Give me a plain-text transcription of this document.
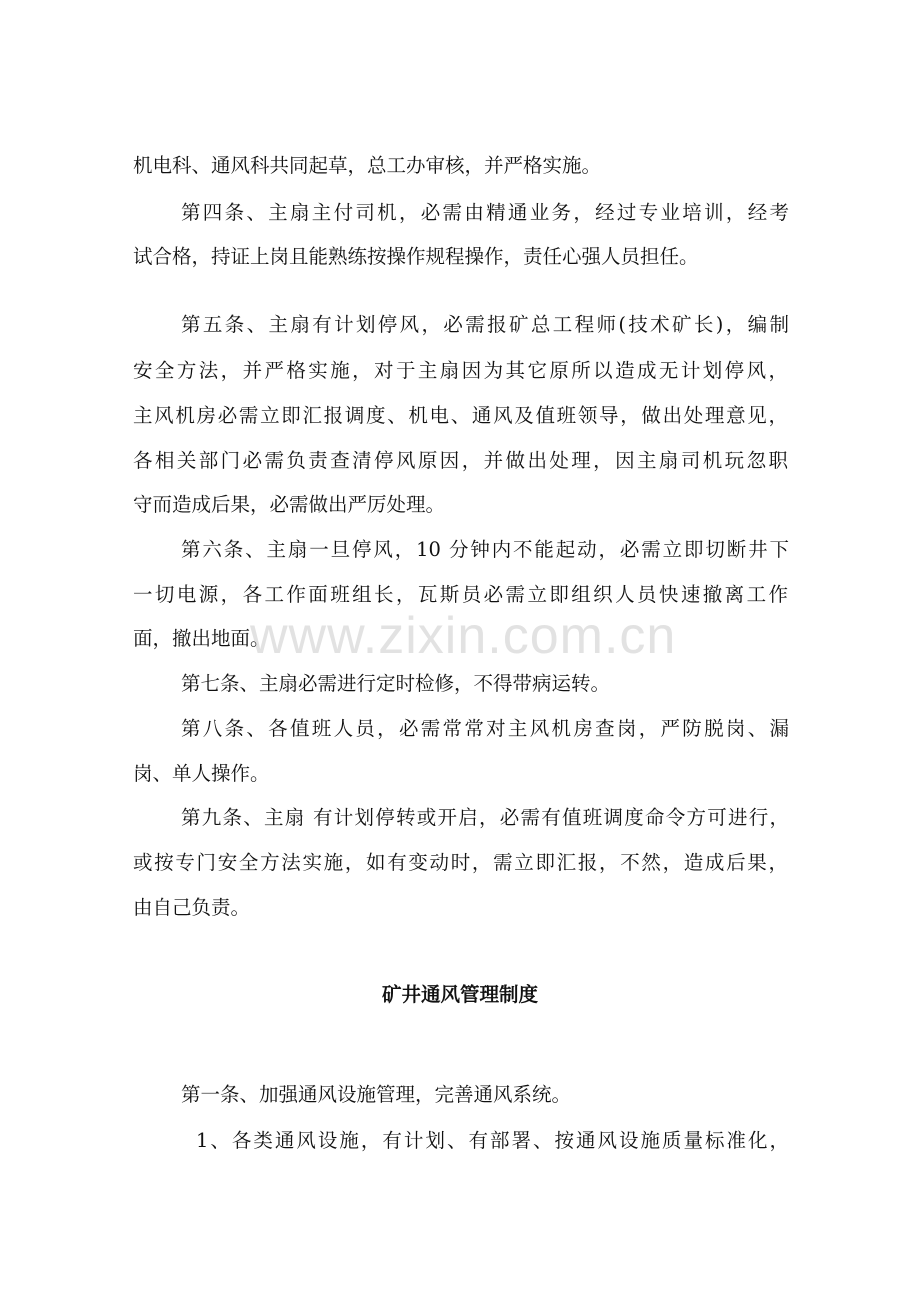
机电科、通风科共同起草，总工办审核，并严格实施。
第四条、主扇主付司机，必需由精通业务，经过专业培训，经考
试合格，持证上岗且能熟练按操作规程操作，责任心强人员担任。
第五条、主扇有计划停风，必需报矿总工程师(技术矿长)，编制
安全方法，并严格实施，对于主扇因为其它原所以造成无计划停风，
主风机房必需立即汇报调度、机电、通风及值班领导，做出处理意见，
各相关部门必需负责查清停风原因，并做出处理，因主扇司机玩忽职
守而造成后果，必需做出严厉处理。
第六条、主扇一旦停风，10 分钟内不能起动，必需立即切断井下
一切电源，各工作面班组长，瓦斯员必需立即组织人员快速撤离工作
面，撤出地面。
第七条、主扇必需进行定时检修，不得带病运转。
第八条、各值班人员，必需常常对主风机房查岗，严防脱岗、漏
岗、单人操作。
第九条、主扇 有计划停转或开启，必需有值班调度命令方可进行，
或按专门安全方法实施，如有变动时，需立即汇报，不然，造成后果，
由自己负责。
矿井通风管理制度
第一条、加强通风设施管理，完善通风系统。
1、各类通风设施，有计划、有部署、按通风设施质量标准化，
www.zixin.com.cn
